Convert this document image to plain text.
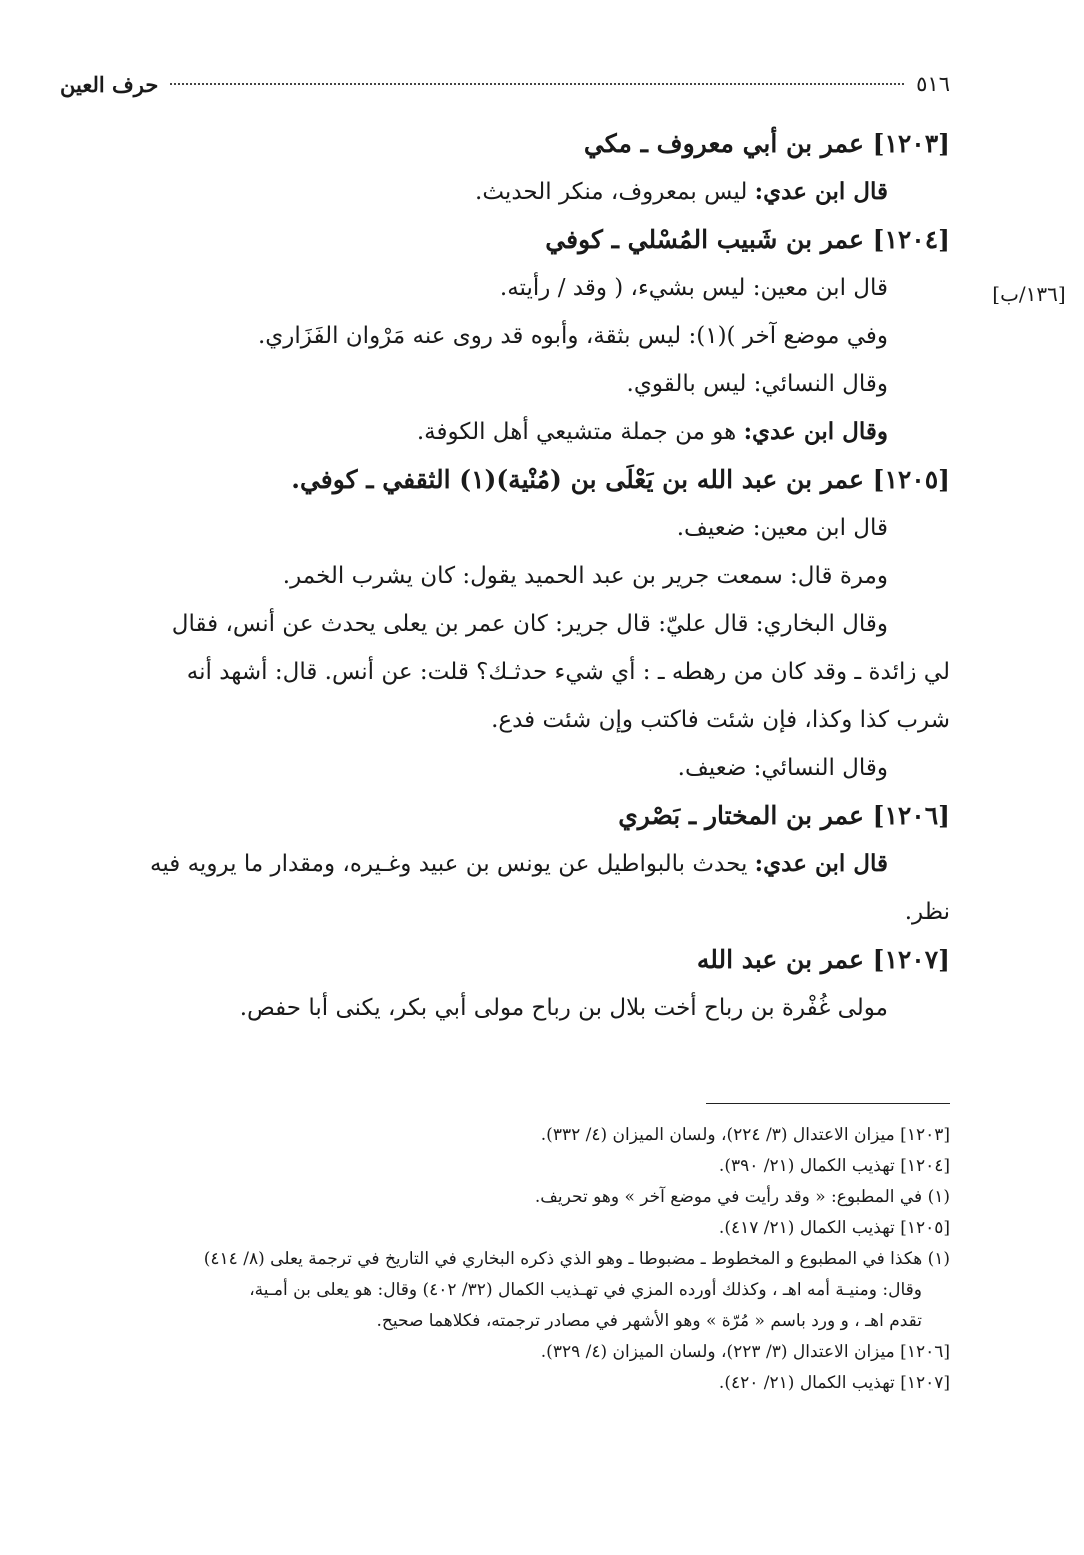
حرف العين	٥١٦
[١٣٦/ب]
[١٢٠٣] عمر بن أبي معروف ـ مكي
قال ابن عدي: ليس بمعروف، منكر الحديث.
[١٢٠٤] عمر بن شَبيب المُسْلي ـ كوفي
قال ابن معين: ليس بشيء، ( وقد / رأيته.
وفي موضع آخر )(١): ليس بثقة، وأبوه قد روى عنه مَرْوان الفَزَاري.
وقال النسائي: ليس بالقوي.
وقال ابن عدي: هو من جملة متشيعي أهل الكوفة.
[١٢٠٥] عمر بن عبد الله بن يَعْلَى بن (مُنْية)(١) الثقفي ـ كوفي.
قال ابن معين: ضعيف.
ومرة قال: سمعت جرير بن عبد الحميد يقول: كان يشرب الخمر.
وقال البخاري: قال عليّ: قال جرير: كان عمر بن يعلى يحدث عن أنس، فقال
لي زائدة ـ وقد كان من رهطه ـ : أي شيء حدثـك؟ قلت: عن أنس. قال: أشهد أنه
شرب كذا وكذا، فإن شئت فاكتب وإن شئت فدع.
وقال النسائي: ضعيف.
[١٢٠٦] عمر بن المختار ـ بَصْري
قال ابن عدي: يحدث بالبواطيل عن يونس بن عبيد وغـيره، ومقدار ما يرويه فيه
نظر.
[١٢٠٧] عمر بن عبد الله
مولى غُفْرة بن رباح أخت بلال بن رباح مولى أبي بكر، يكنى أبا حفص.
[١٢٠٣] ميزان الاعتدال (٣/ ٢٢٤)، ولسان الميزان (٤/ ٣٣٢).
[١٢٠٤] تهذيب الكمال (٢١/ ٣٩٠).
(١) في المطبوع: « وقد رأيت في موضع آخر » وهو تحريف.
[١٢٠٥] تهذيب الكمال (٢١/ ٤١٧).
(١) هكذا في المطبوع و المخطوط ـ مضبوطا ـ وهو الذي ذكره البخاري في التاريخ في ترجمة يعلى (٨/ ٤١٤)
وقال: ومنيـة أمه اهـ ، وكذلك أورده المزي في تهـذيب الكمال (٣٢/ ٤٠٢) وقال: هو يعلى بن أمـية،
تقدم اهـ ، و ورد باسم « مُرّة » وهو الأشهر في مصادر ترجمته، فكلاهما صحيح.
[١٢٠٦] ميزان الاعتدال (٣/ ٢٢٣)، ولسان الميزان (٤/ ٣٢٩).
[١٢٠٧] تهذيب الكمال (٢١/ ٤٢٠).
